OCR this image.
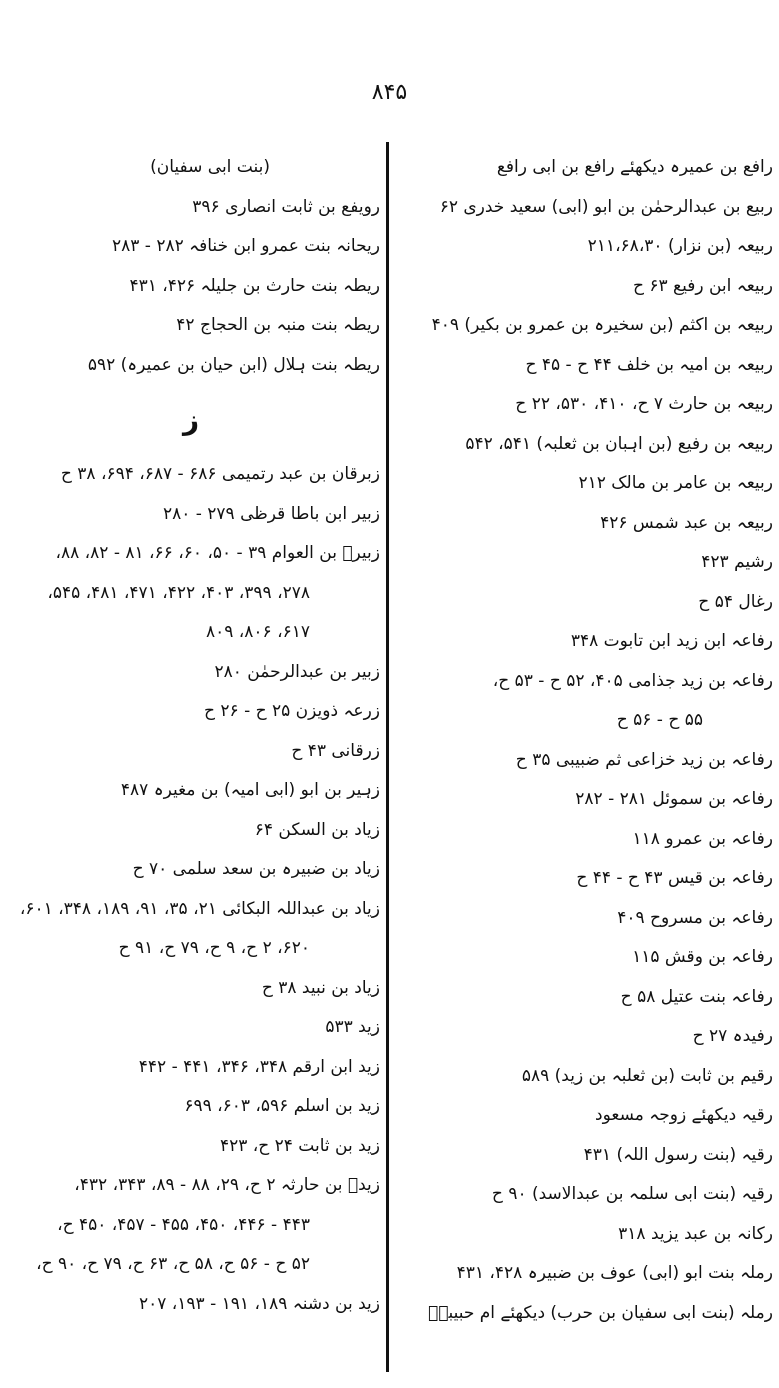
۸۴۵
رافع بن عمیرہ دیکھئے رافع بن ابی رافع
ربیع بن عبدالرحمٰن بن ابو (ابی) سعید خدری ۶۲
ربیعہ (بن نزار) ۲۱۱،۶۸،۳۰
ربیعہ ابن رفیع ۶۳ ح
ربیعہ بن اکثم (بن سخیرہ بن عمرو بن بکیر) ۴۰۹
ربیعہ بن امیہ بن خلف ۴۴ ح - ۴۵ ح
ربیعہ بن حارث ۷ ح، ۴۱۰، ۵۳۰، ۲۲ ح
ربیعہ بن رفیع (بن اہبان بن ثعلبہ) ۵۴۱، ۵۴۲
ربیعہ بن عامر بن مالک ۲۱۲
ربیعہ بن عبد شمس ۴۲۶
رشیم ۴۲۳
رغال ۵۴ ح
رفاعہ ابن زید ابن تابوت ۳۴۸
رفاعہ بن زید جذامی ۴۰۵، ۵۲ ح - ۵۳ ح،
۵۵ ح - ۵۶ ح
رفاعہ بن زید خزاعی ثم ضبیبی ۳۵ ح
رفاعہ بن سموئل ۲۸۱ - ۲۸۲
رفاعہ بن عمرو ۱۱۸
رفاعہ بن قیس ۴۳ ح - ۴۴ ح
رفاعہ بن مسروح ۴۰۹
رفاعہ بن وقش ۱۱۵
رفاعہ بنت عتیل ۵۸ ح
رفیدہ ۲۷ ح
رقیم بن ثابت (بن ثعلبہ بن زید) ۵۸۹
رقیہ دیکھئے زوجہ مسعود
رقیہ (بنت رسول اللہ) ۴۳۱
رقیہ (بنت ابی سلمہ بن عبدالاسد) ۹۰ ح
رکانہ بن عبد یزید ۳۱۸
رملہ بنت ابو (ابی) عوف بن ضبیرہ ۴۲۸، ۴۳۱
رملہ (بنت ابی سفیان بن حرب) دیکھئے ام حبیبہؓ
(بنت ابی سفیان)
رویفع بن ثابت انصاری ۳۹۶
ریحانہ بنت عمرو ابن خنافہ ۲۸۲ - ۲۸۳
ریطہ بنت حارث بن جلیلہ ۴۲۶، ۴۳۱
ریطہ بنت منبہ بن الحجاج ۴۲
ریطہ بنت ہلال (ابن حیان بن عمیرہ) ۵۹۲
ز
زبرقان بن عبد رتمیمی ۶۸۶ - ۶۸۷، ۶۹۴، ۳۸ ح
زبیر ابن باطا قرظی ۲۷۹ - ۲۸۰
زبیرؓ بن العوام ۳۹ - ۵۰، ۶۰، ۶۶، ۸۱ - ۸۲، ۸۸،
۲۷۸، ۳۹۹، ۴۰۳، ۴۲۲، ۴۷۱، ۴۸۱، ۵۴۵،
۶۱۷، ۸۰۶، ۸۰۹
زبیر بن عبدالرحمٰن ۲۸۰
زرعہ ذویزن ۲۵ ح - ۲۶ ح
زرقانی ۴۳ ح
زہیر بن ابو (ابی امیہ) بن مغیرہ ۴۸۷
زیاد بن السکن ۶۴
زیاد بن ضبیرہ بن سعد سلمی ۷۰ ح
زیاد بن عبداللہ البکائی ۲۱، ۳۵، ۹۱، ۱۸۹، ۳۴۸، ۶۰۱،
۶۲۰، ۲ ح، ۹ ح، ۷۹ ح، ۹۱ ح
زیاد بن نبید ۳۸ ح
زید ۵۳۳
زید ابن ارقم ۳۴۸، ۳۴۶، ۴۴۱ - ۴۴۲
زید بن اسلم ۵۹۶، ۶۰۳، ۶۹۹
زید بن ثابت ۲۴ ح، ۴۲۳
زیدؓ بن حارثہ ۲ ح، ۲۹، ۸۸ - ۸۹، ۳۴۳، ۴۳۲،
۴۴۳ - ۴۴۶، ۴۵۰، ۴۵۵ - ۴۵۷، ۴۵۰ ح،
۵۲ ح - ۵۶ ح، ۵۸ ح، ۶۳ ح، ۷۹ ح، ۹۰ ح،
زید بن دشنہ ۱۸۹، ۱۹۱ - ۱۹۳، ۲۰۷
